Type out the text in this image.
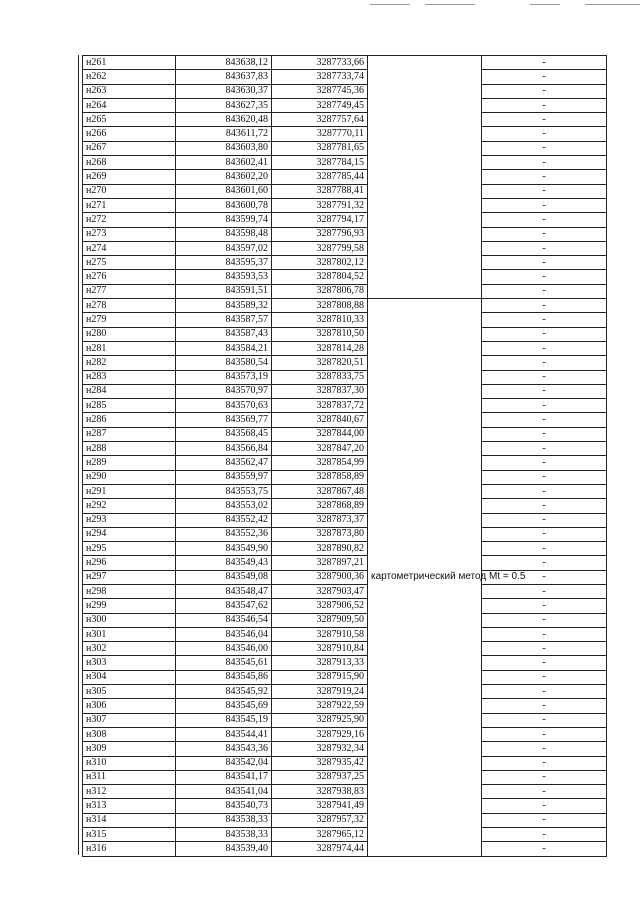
н261	843638,12	3287733,66		-
н262	843637,83	3287733,74		-
н263	843630,37	3287745,36		-
н264	843627,35	3287749,45		-
н265	843620,48	3287757,64		-
н266	843611,72	3287770,11		-
н267	843603,80	3287781,65		-
н268	843602,41	3287784,15		-
н269	843602,20	3287785,44		-
н270	843601,60	3287788,41		-
н271	843600,78	3287791,32		-
н272	843599,74	3287794,17		-
н273	843598,48	3287796,93		-
н274	843597,02	3287799,58		-
н275	843595,37	3287802,12		-
н276	843593,53	3287804,52		-
н277	843591,51	3287806,78		-
н278	843589,32	3287808,88	картометрический метод Mt = 0.5	-
н279	843587,57	3287810,33		-
н280	843587,43	3287810,50		-
н281	843584,21	3287814,28		-
н282	843580,54	3287820,51		-
н283	843573,19	3287833,75		-
н284	843570,97	3287837,30		-
н285	843570,63	3287837,72		-
н286	843569,77	3287840,67		-
н287	843568,45	3287844,00		-
н288	843566,84	3287847,20		-
н289	843562,47	3287854,99		-
н290	843559,97	3287858,89		-
н291	843553,75	3287867,48		-
н292	843553,02	3287868,89		-
н293	843552,42	3287873,37		-
н294	843552,36	3287873,80		-
н295	843549,90	3287890,82		-
н296	843549,43	3287897,21		-
н297	843549,08	3287900,36		-
н298	843548,47	3287903,47		-
н299	843547,62	3287906,52		-
н300	843546,54	3287909,50		-
н301	843546,04	3287910,58		-
н302	843546,00	3287910,84		-
н303	843545,61	3287913,33		-
н304	843545,86	3287915,90		-
н305	843545,92	3287919,24		-
н306	843545,69	3287922,59		-
н307	843545,19	3287925,90		-
н308	843544,41	3287929,16		-
н309	843543,36	3287932,34		-
н310	843542,04	3287935,42		-
н311	843541,17	3287937,25		-
н312	843541,04	3287938,83		-
н313	843540,73	3287941,49		-
н314	843538,33	3287957,32		-
н315	843538,33	3287965,12		-
н316	843539,40	3287974,44		-
